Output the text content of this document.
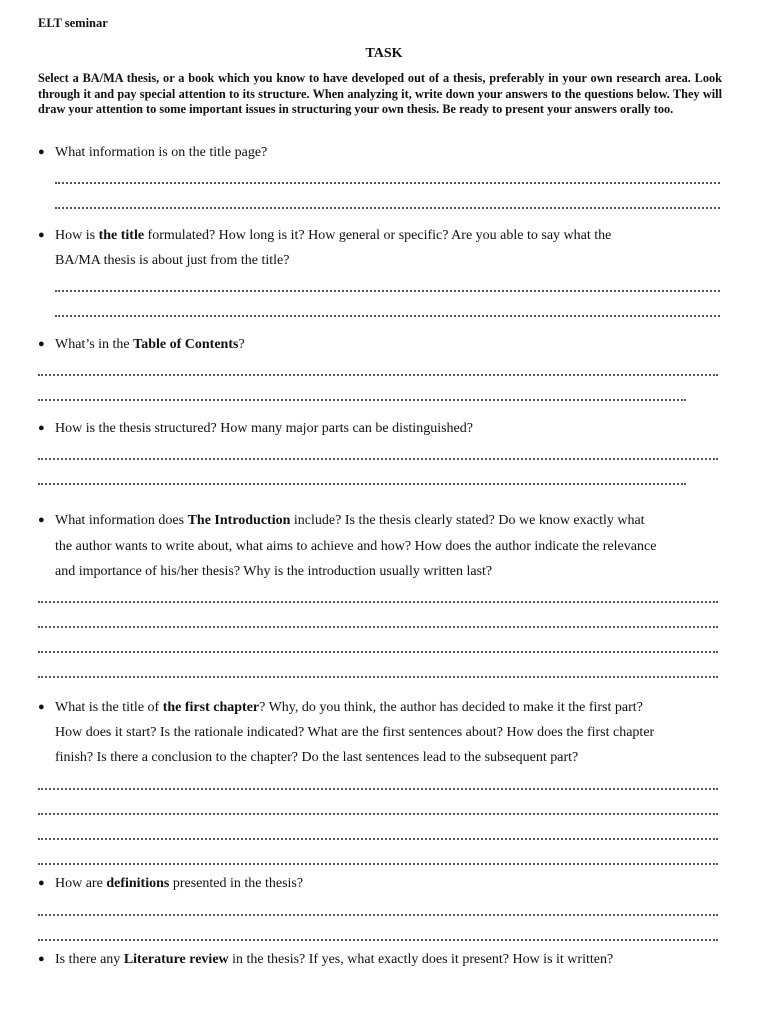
ELT seminar
TASK
Select a BA/MA thesis, or a book which you know to have developed out of a thesis, preferably in your own research area. Look through it and pay special attention to its structure. When analyzing it, write down your answers to the questions below. They will draw your attention to some important issues in structuring your own thesis. Be ready to present your answers orally too.
● What information is on the title page?
● How is the title formulated? How long is it? How general or specific? Are you able to say what the
BA/MA thesis is about just from the title?
● What’s in the Table of Contents?
● How is the thesis structured? How many major parts can be distinguished?
● What information does The Introduction include? Is the thesis clearly stated? Do we know exactly what
the author wants to write about, what aims to achieve and how? How does the author indicate the relevance
and importance of his/her thesis? Why is the introduction usually written last?
● What is the title of the first chapter? Why, do you think, the author has decided to make it the first part?
How does it start? Is the rationale indicated? What are the first sentences about? How does the first chapter
finish? Is there a conclusion to the chapter? Do the last sentences lead to the subsequent part?
● How are definitions presented in the thesis?
● Is there any Literature review in the thesis? If yes, what exactly does it present? How is it written?
